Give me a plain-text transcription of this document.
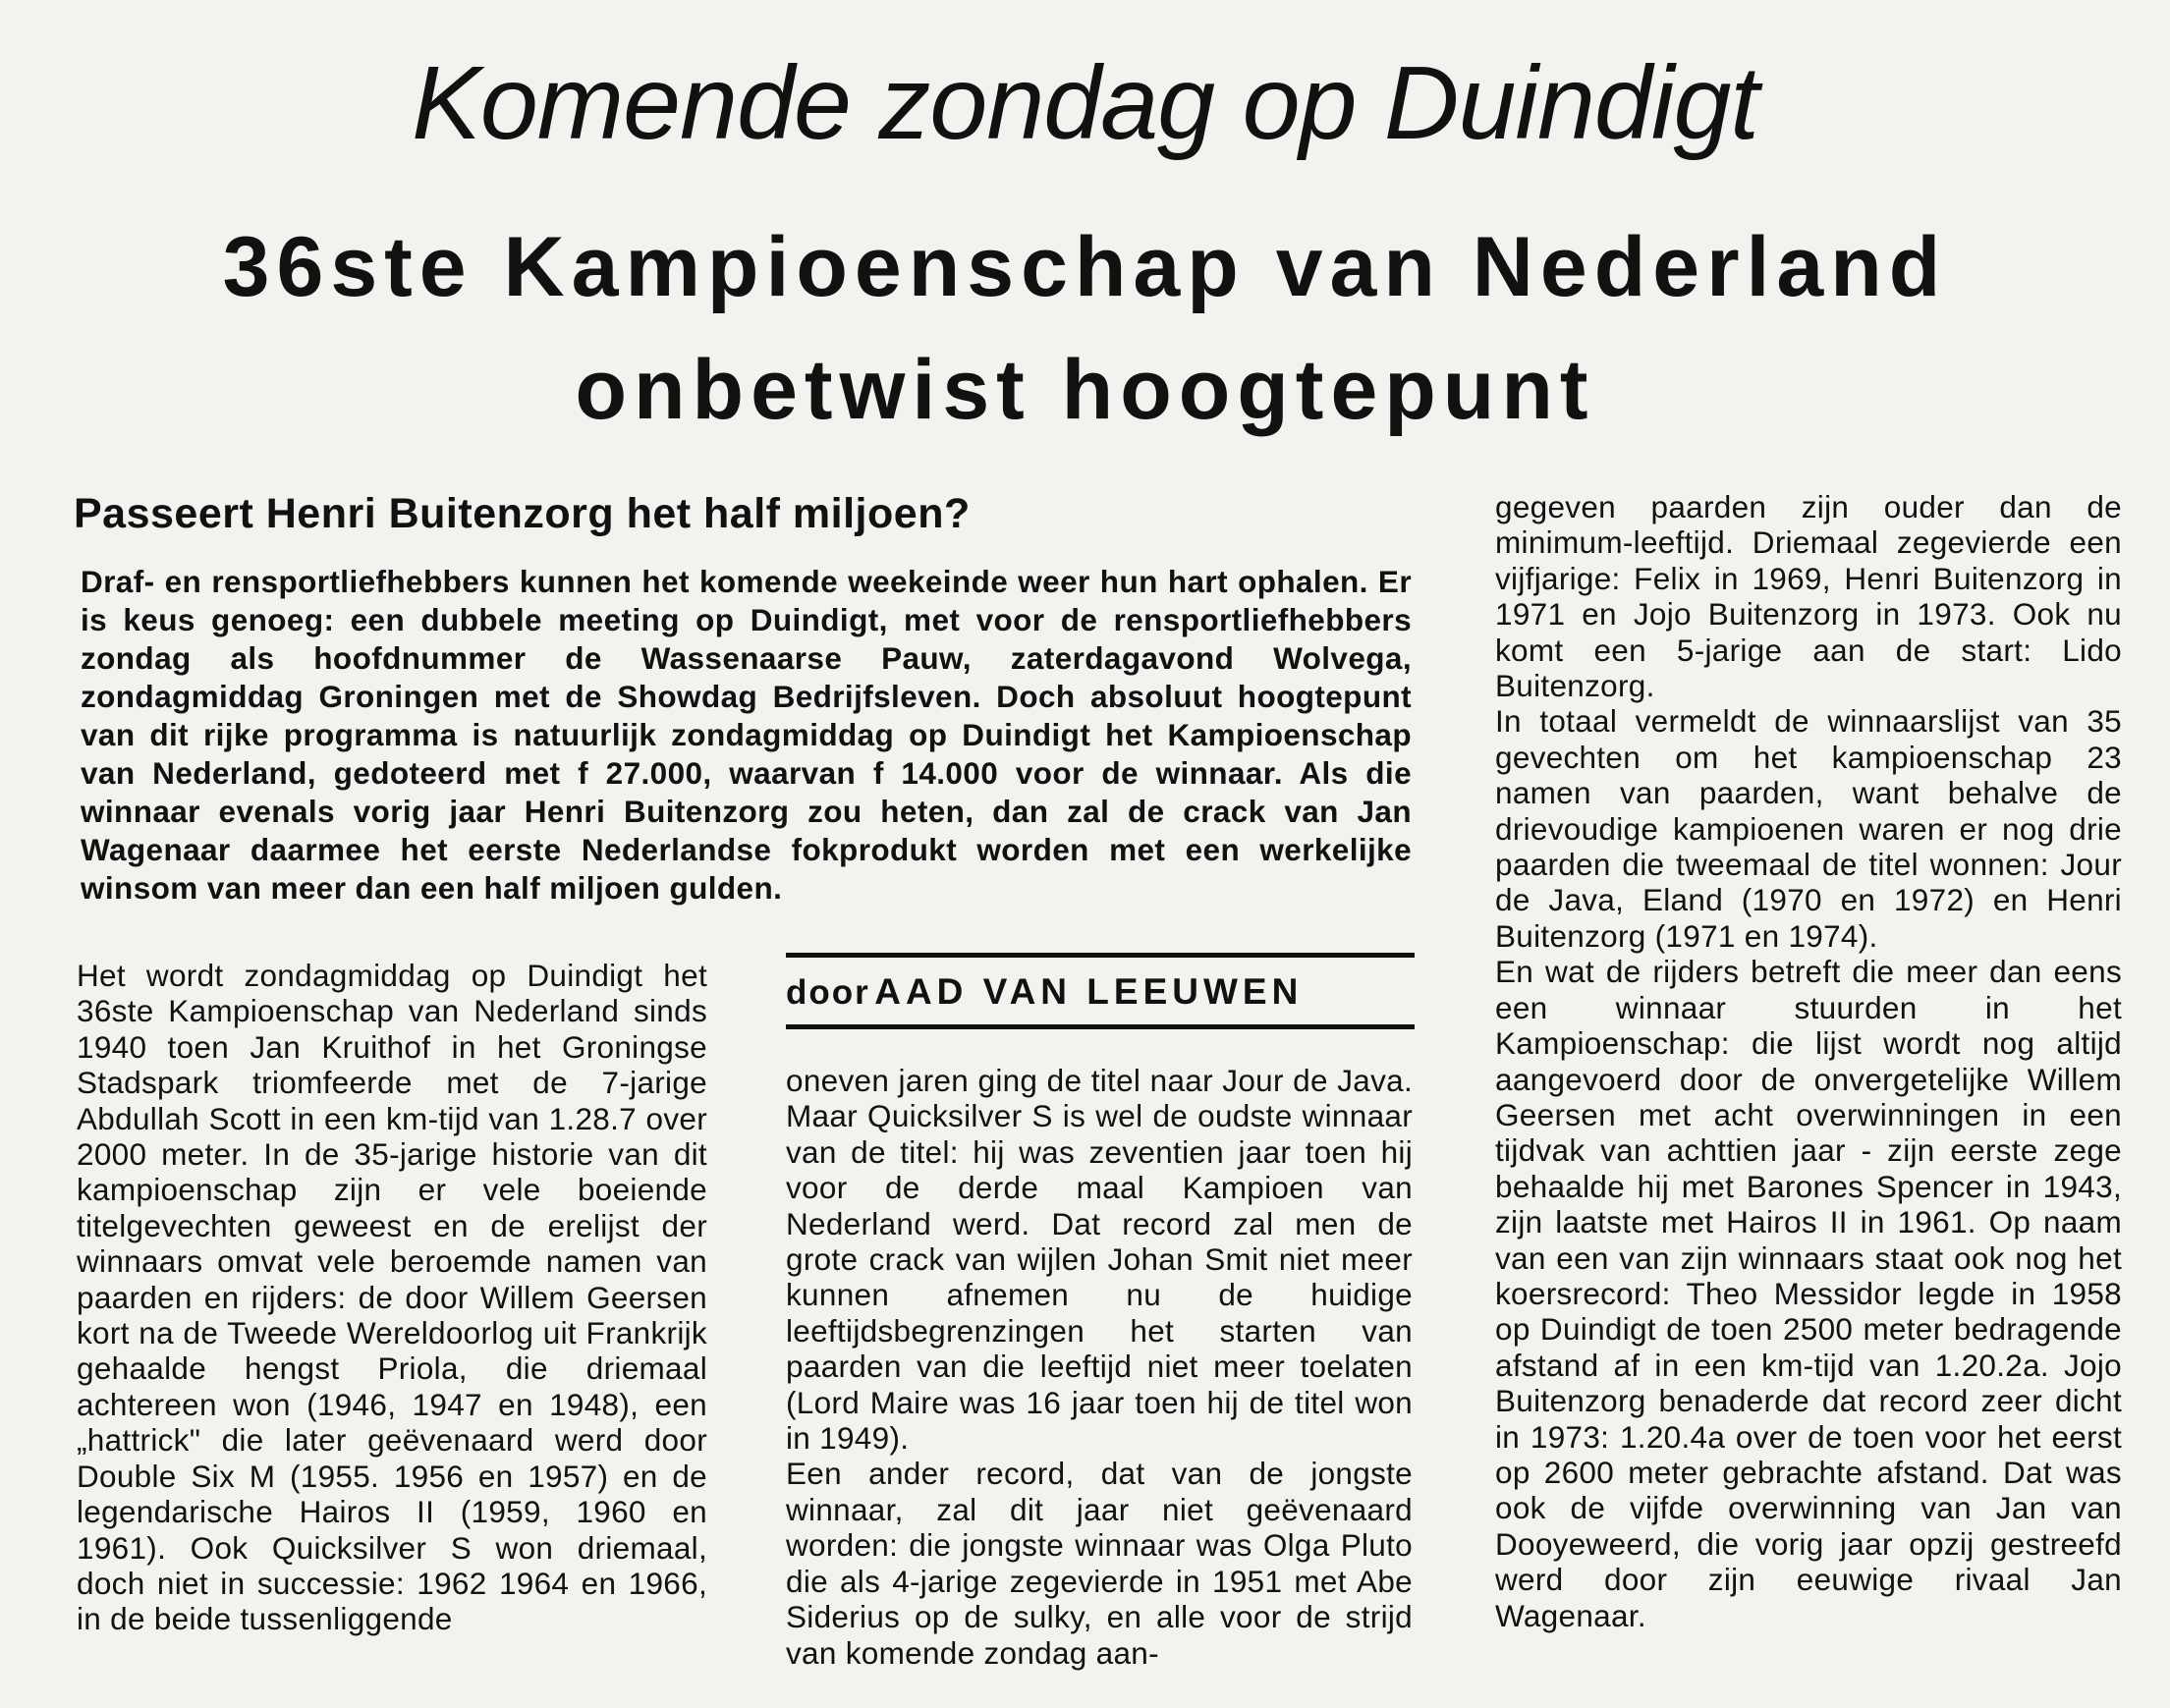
Komende zondag op Duindigt
36ste Kampioenschap van Nederland
onbetwist hoogtepunt
Passeert Henri Buitenzorg het half miljoen?
Draf- en rensportliefhebbers kunnen het komende weekeinde weer hun hart ophalen. Er is keus genoeg: een dubbele meeting op Duindigt, met voor de rensportliefhebbers zondag als hoofdnummer de Wassenaarse Pauw, zaterdagavond Wolvega, zondagmiddag Groningen met de Showdag Bedrijfsleven. Doch absoluut hoogtepunt van dit rijke programma is natuurlijk zondagmiddag op Duindigt het Kampioenschap van Nederland, gedoteerd met f 27.000, waarvan f 14.000 voor de winnaar. Als die winnaar evenals vorig jaar Henri Buitenzorg zou heten, dan zal de crack van Jan Wagenaar daarmee het eerste Nederlandse fokprodukt worden met een werkelijke winsom van meer dan een half miljoen gulden.

Het wordt zondagmiddag op Duindigt het 36ste Kampioenschap van Nederland sinds 1940 toen Jan Kruithof in het Groningse Stadspark triomfeerde met de 7-jarige Abdullah Scott in een km-tijd van 1.28.7 over 2000 meter. In de 35-jarige historie van dit kampioenschap zijn er vele boeiende titelgevechten geweest en de erelijst der winnaars omvat vele beroemde namen van paarden en rijders: de door Willem Geersen kort na de Tweede Wereldoorlog uit Frankrijk gehaalde hengst Priola, die driemaal achtereen won (1946, 1947 en 1948), een „hattrick" die later geëvenaard werd door Double Six M (1955. 1956 en 1957) en de legendarische Hairos II (1959, 1960 en 1961). Ook Quicksilver S won driemaal, doch niet in successie: 1962 1964 en 1966, in de beide tussenliggende

door AAD VAN LEEUWEN

oneven jaren ging de titel naar Jour de Java. Maar Quicksilver S is wel de oudste winnaar van de titel: hij was zeventien jaar toen hij voor de derde maal Kampioen van Nederland werd. Dat record zal men de grote crack van wijlen Johan Smit niet meer kunnen afnemen nu de huidige leeftijdsbegrenzingen het starten van paarden van die leeftijd niet meer toelaten (Lord Maire was 16 jaar toen hij de titel won in 1949).

Een ander record, dat van de jongste winnaar, zal dit jaar niet geëvenaard worden: die jongste winnaar was Olga Pluto die als 4-jarige zegevierde in 1951 met Abe Siderius op de sulky, en alle voor de strijd van komende zondag aan-

gegeven paarden zijn ouder dan de minimum-leeftijd. Driemaal zegevierde een vijfjarige: Felix in 1969, Henri Buitenzorg in 1971 en Jojo Buitenzorg in 1973. Ook nu komt een 5-jarige aan de start: Lido Buitenzorg.

In totaal vermeldt de winnaarslijst van 35 gevechten om het kampioenschap 23 namen van paarden, want behalve de drievoudige kampioenen waren er nog drie paarden die tweemaal de titel wonnen: Jour de Java, Eland (1970 en 1972) en Henri Buitenzorg (1971 en 1974).

En wat de rijders betreft die meer dan eens een winnaar stuurden in het Kampioenschap: die lijst wordt nog altijd aangevoerd door de onvergetelijke Willem Geersen met acht overwinningen in een tijdvak van achttien jaar - zijn eerste zege behaalde hij met Barones Spencer in 1943, zijn laatste met Hairos II in 1961. Op naam van een van zijn winnaars staat ook nog het koersrecord: Theo Messidor legde in 1958 op Duindigt de toen 2500 meter bedragende afstand af in een km-tijd van 1.20.2a. Jojo Buitenzorg benaderde dat record zeer dicht in 1973: 1.20.4a over de toen voor het eerst op 2600 meter gebrachte afstand. Dat was ook de vijfde overwinning van Jan van Dooyeweerd, die vorig jaar opzij gestreefd werd door zijn eeuwige rivaal Jan Wagenaar.
